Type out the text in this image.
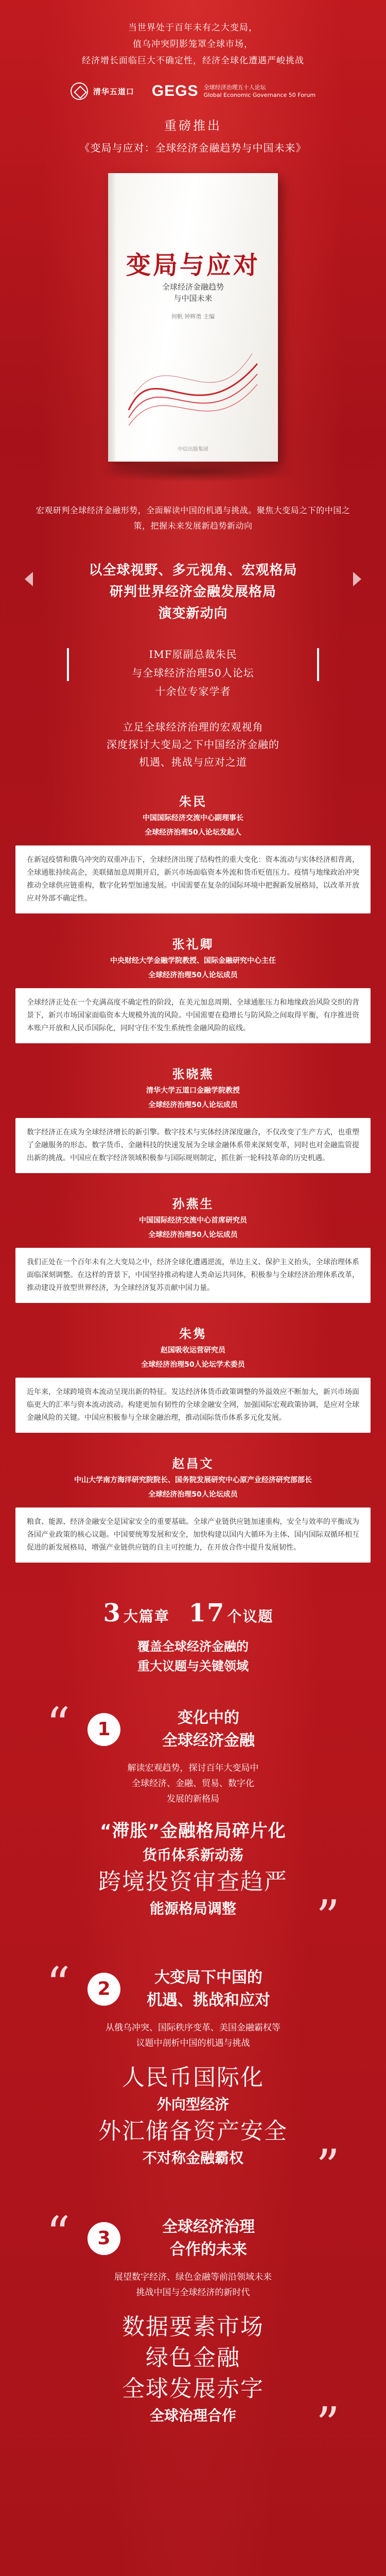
当世界处于百年未有之大变局，

值乌冲突阴影笼罩全球市场，

经济增长面临巨大不确定性，经济全球化遭遇严峻挑战

清华五道口 GEGS 全球经济治理五十人论坛
Global Economic Governance 50 Forum
重磅推出
《变局与应对：全球经济金融趋势与中国未来》
变局与应对
全球经济金融趋势
与中国未来
何帆 钟辉勇 主编
中信出版集团
宏观研判全球经济金融形势，全面解读中国的机遇与挑战。聚焦大变局之下的中国之策，把握未来发展新趋势新动向
以全球视野、多元视角、宏观格局
研判世界经济金融发展格局
演变新动向

IMF原副总裁朱民

与全球经济治理50人论坛

十余位专家学者

立足全球经济治理的宏观视角

深度探讨大变局之下中国经济金融的

机遇、挑战与应对之道

朱民
中国国际经济交流中心副理事长
全球经济治理50人论坛发起人
在新冠疫情和俄乌冲突的双重冲击下，全球经济出现了结构性的重大变化：资本流动与实体经济相背离，全球通胀持续高企，美联储加息周期开启，新兴市场面临资本外流和货币贬值压力。疫情与地缘政治冲突推动全球供应链重构，数字化转型加速发展。中国需要在复杂的国际环境中把握新发展格局，以改革开放应对外部不确定性。
张礼卿
中央财经大学金融学院教授、国际金融研究中心主任
全球经济治理50人论坛成员
全球经济正处在一个充满高度不确定性的阶段，在美元加息周期、全球通胀压力和地缘政治风险交织的背景下，新兴市场国家面临资本大规模外流的风险。中国需要在稳增长与防风险之间取得平衡，有序推进资本账户开放和人民币国际化，同时守住不发生系统性金融风险的底线。
张晓燕
清华大学五道口金融学院教授
全球经济治理50人论坛成员
数字经济正在成为全球经济增长的新引擎。数字技术与实体经济深度融合，不仅改变了生产方式，也重塑了金融服务的形态。数字货币、金融科技的快速发展为全球金融体系带来深刻变革，同时也对金融监管提出新的挑战。中国应在数字经济领域积极参与国际规则制定，抓住新一轮科技革命的历史机遇。
孙燕生
中国国际经济交流中心首席研究员
全球经济治理50人论坛成员
我们正处在一个百年未有之大变局之中，经济全球化遭遇逆流，单边主义、保护主义抬头，全球治理体系面临深刻调整。在这样的背景下，中国坚持推动构建人类命运共同体，积极参与全球经济治理体系改革，推动建设开放型世界经济，为全球经济复苏贡献中国力量。
朱隽
赵国吸收运营研究员
全球经济治理50人论坛学术委员
近年来，全球跨境资本流动呈现出新的特征。发达经济体货币政策调整的外溢效应不断加大，新兴市场面临更大的汇率与资本流动波动。构建更加有韧性的全球金融安全网，加强国际宏观政策协调，是应对全球金融风险的关键。中国应积极参与全球金融治理，推动国际货币体系多元化发展。
赵昌文
中山大学南方海洋研究院院长、国务院发展研究中心原产业经济研究部部长
全球经济治理50人论坛成员
粮食、能源、经济金融安全是国家安全的重要基础。全球产业链供应链加速重构，安全与效率的平衡成为各国产业政策的核心议题。中国要统筹发展和安全，加快构建以国内大循环为主体、国内国际双循环相互促进的新发展格局，增强产业链供应链的自主可控能力，在开放合作中提升发展韧性。
3 大篇章 17 个议题
覆盖全球经济金融的
重大议题与关键领域
“	1
变化中的
全球经济金融
解读宏观趋势，探讨百年大变局中
全球经济、金融、贸易、数字化
发展的新格局
“滞胀”金融格局碎片化
货币体系新动荡
跨境投资审查趋严
能源格局调整	”
“	2
大变局下中国的
机遇、挑战和应对
从俄乌冲突、国际秩序变革、美国金融霸权等
议题中剖析中国的机遇与挑战
人民币国际化
外向型经济
外汇储备资产安全
不对称金融霸权	”
“	3
全球经济治理
合作的未来
展望数字经济、绿色金融等前沿领域未来
挑战中国与全球经济的新时代
数据要素市场
绿色金融
全球发展赤字
全球治理合作	”
